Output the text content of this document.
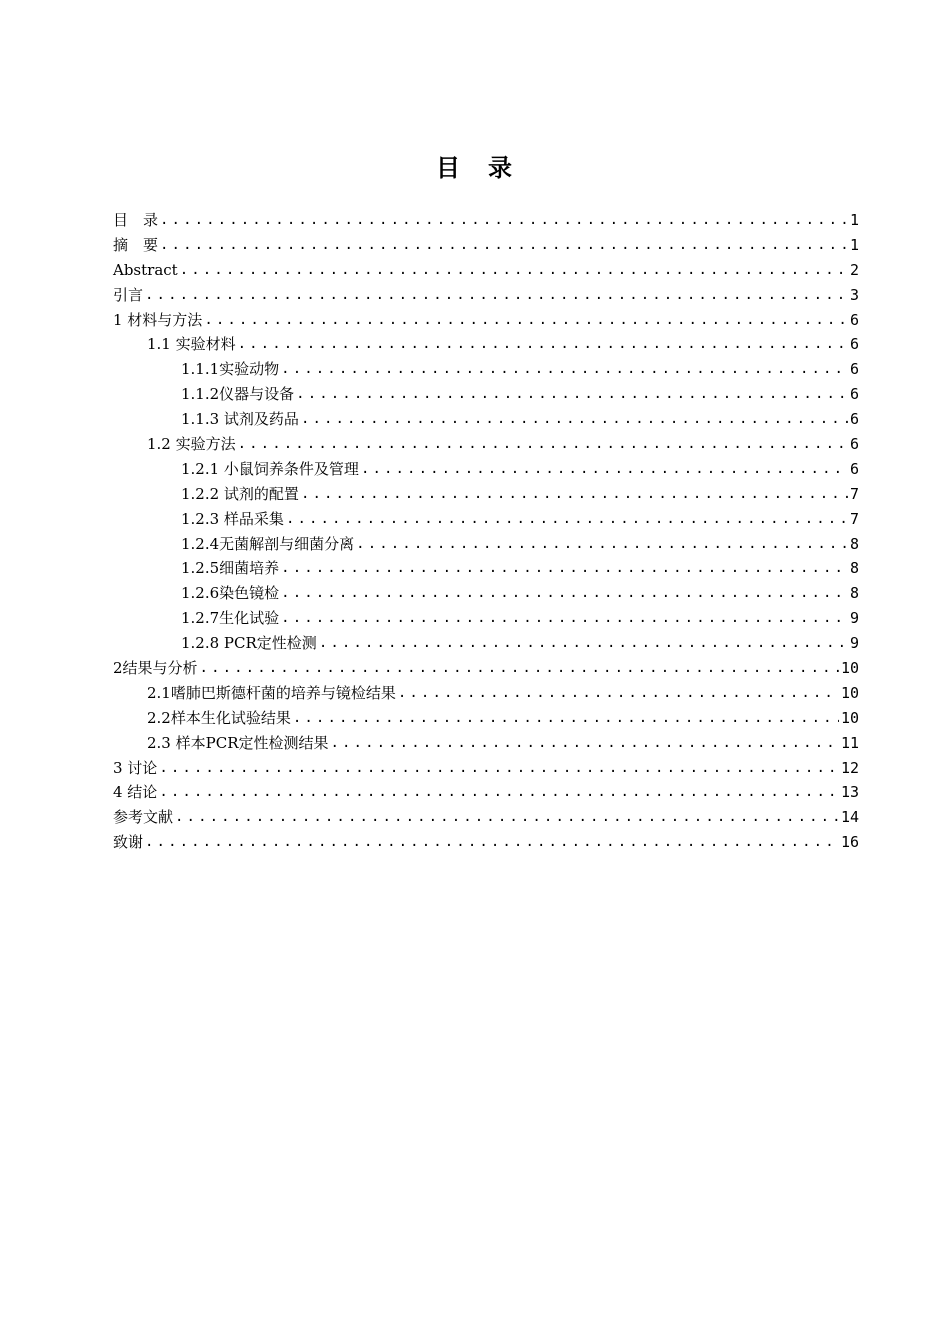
目　录
目　录 .....	1
摘　要 .....	1
Abstract .....	2
引言 .....	3
1 材料与方法 .....	6
1.1 实验材料 .....	6
1.1.1实验动物 .....	6
1.1.2仪器与设备 .....	6
1.1.3 试剂及药品 .....	6
1.2 实验方法 .....	6
1.2.1 小鼠饲养条件及管理 .....	6
1.2.2 试剂的配置 .....	7
1.2.3 样品采集 .....	7
1.2.4无菌解剖与细菌分离 .....	8
1.2.5细菌培养 .....	8
1.2.6染色镜检 .....	8
1.2.7生化试验 .....	9
1.2.8 PCR定性检测 .....	9
2结果与分析 .....	10
2.1嗜肺巴斯德杆菌的培养与镜检结果 .....	10
2.2样本生化试验结果 .....	10
2.3 样本PCR定性检测结果 .....	11
3 讨论 .....	12
4 结论 .....	13
参考文献 .....	14
致谢 .....	16
